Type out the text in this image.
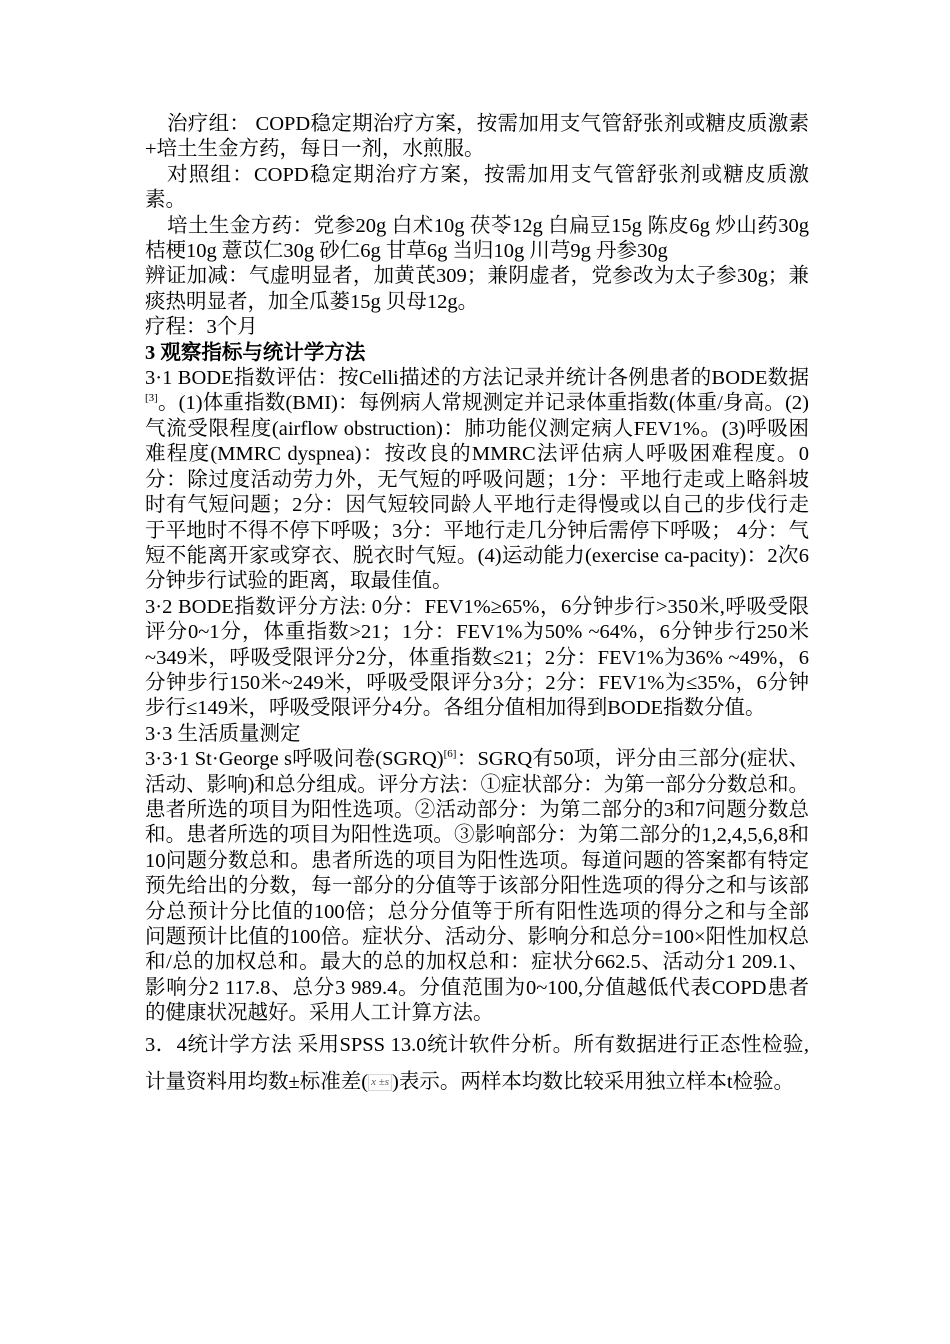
治疗组： COPD稳定期治疗方案，按需加用支气管舒张剂或糖皮质激素+培土生金方药，每日一剂，水煎服。

对照组：COPD稳定期治疗方案，按需加用支气管舒张剂或糖皮质激素。

培土生金方药：党参20g 白术10g 茯苓12g 白扁豆15g 陈皮6g 炒山药30g 桔梗10g 薏苡仁30g 砂仁6g 甘草6g 当归10g 川芎9g 丹参30g

辨证加减：气虚明显者，加黄芪309；兼阴虚者，党参改为太子参30g；兼痰热明显者，加全瓜蒌15g 贝母12g。

疗程：3个月

3 观察指标与统计学方法

3·1 BODE指数评估：按Celli描述的方法记录并统计各例患者的BODE数据[3]。(1)体重指数(BMI)：每例病人常规测定并记录体重指数(体重/身高。(2)气流受限程度(airflow obstruction)：肺功能仪测定病人FEV1%。(3)呼吸困难程度(MMRC dyspnea)：按改良的MMRC法评估病人呼吸困难程度。0分：除过度活动劳力外，无气短的呼吸问题；1分：平地行走或上略斜坡时有气短问题；2分：因气短较同龄人平地行走得慢或以自己的步伐行走于平地时不得不停下呼吸；3分：平地行走几分钟后需停下呼吸； 4分：气短不能离开家或穿衣、脱衣时气短。(4)运动能力(exercise ca-pacity)：2次6分钟步行试验的距离，取最佳值。

3·2 BODE指数评分方法: 0分：FEV1%≥65%，6分钟步行>350米,呼吸受限评分0~1分，体重指数>21；1分：FEV1%为50% ~64%，6分钟步行250米~349米，呼吸受限评分2分，体重指数≤21；2分：FEV1%为36% ~49%，6分钟步行150米~249米，呼吸受限评分3分；2分：FEV1%为≤35%，6分钟步行≤149米，呼吸受限评分4分。各组分值相加得到BODE指数分值。

3·3 生活质量测定

3·3·1 St·George s呼吸问卷(SGRQ)[6]：SGRQ有50项，评分由三部分(症状、活动、影响)和总分组成。评分方法：①症状部分：为第一部分分数总和。患者所选的项目为阳性选项。②活动部分：为第二部分的3和7问题分数总和。患者所选的项目为阳性选项。③影响部分：为第二部分的1,2,4,5,6,8和10问题分数总和。患者所选的项目为阳性选项。每道问题的答案都有特定预先给出的分数，每一部分的分值等于该部分阳性选项的得分之和与该部分总预计分比值的100倍；总分分值等于所有阳性选项的得分之和与全部问题预计比值的100倍。症状分、活动分、影响分和总分=100×阳性加权总和/总的加权总和。最大的总的加权总和：症状分662.5、活动分1 209.1、影响分2 117.8、总分3 989.4。分值范围为0~100,分值越低代表COPD患者的健康状况越好。采用人工计算方法。

3．4统计学方法 采用SPSS 13.0统计软件分析。所有数据进行正态性检验,计量资料用均数±标准差( x ±s )表示。两样本均数比较采用独立样本t检验。
